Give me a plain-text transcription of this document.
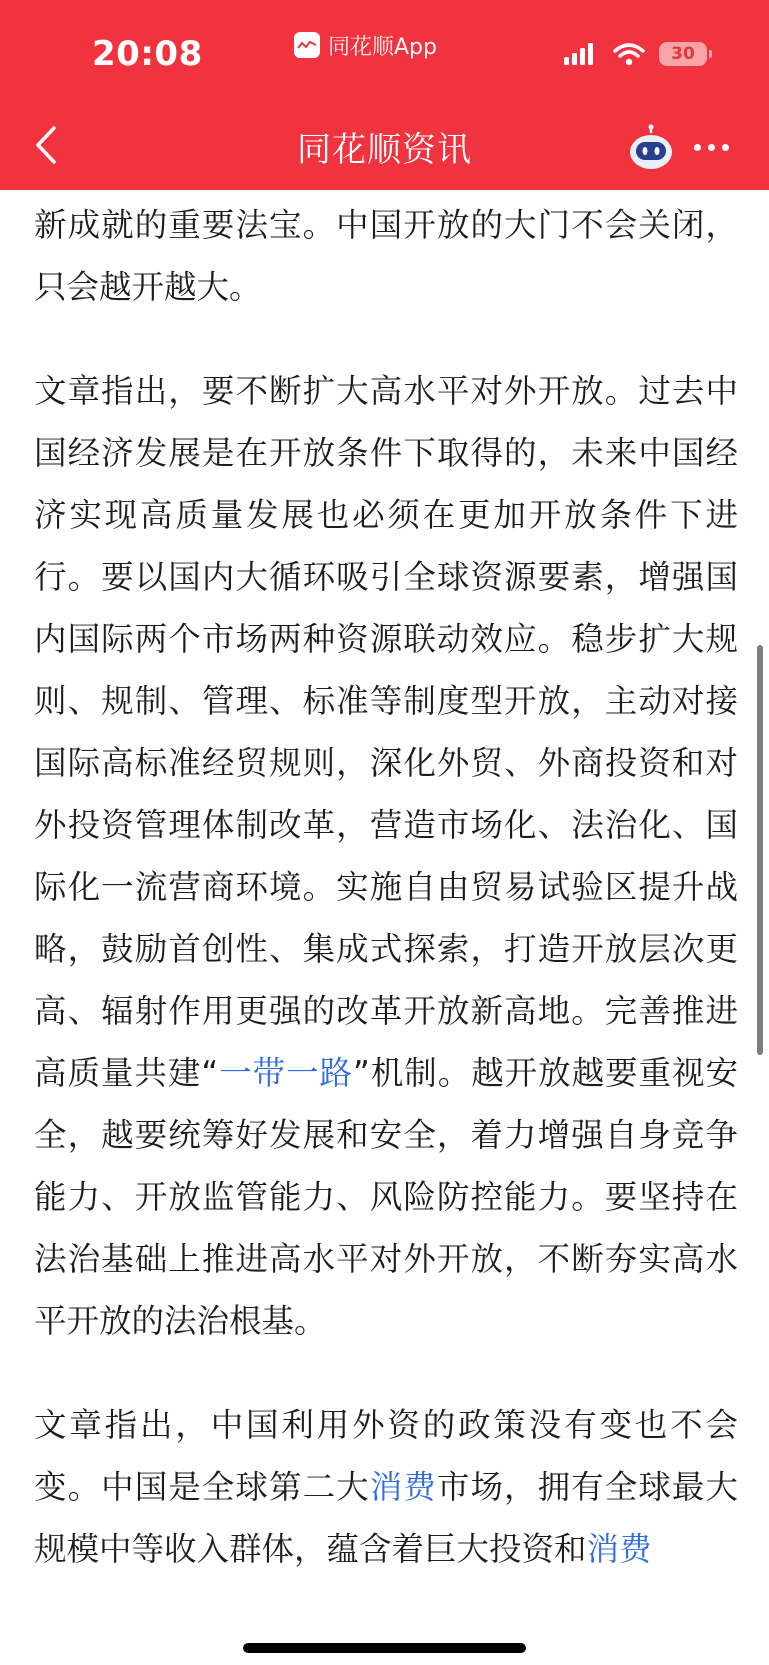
20:08	同花顺App	30
同花顺资讯

新成就的重要法宝。中国开放的大门不会关闭，只会越开越大。

文章指出，要不断扩大高水平对外开放。过去中国经济发展是在开放条件下取得的，未来中国经济实现高质量发展也必须在更加开放条件下进行。要以国内大循环吸引全球资源要素，增强国内国际两个市场两种资源联动效应。稳步扩大规则、规制、管理、标准等制度型开放，主动对接国际高标准经贸规则，深化外贸、外商投资和对外投资管理体制改革，营造市场化、法治化、国际化一流营商环境。实施自由贸易试验区提升战略，鼓励首创性、集成式探索，打造开放层次更高、辐射作用更强的改革开放新高地。完善推进高质量共建“一带一路”机制。越开放越要重视安全，越要统筹好发展和安全，着力增强自身竞争能力、开放监管能力、风险防控能力。要坚持在法治基础上推进高水平对外开放，不断夯实高水平开放的法治根基。

文章指出，中国利用外资的政策没有变也不会变。中国是全球第二大消费市场，拥有全球最大规模中等收入群体，蕴含着巨大投资和消费
